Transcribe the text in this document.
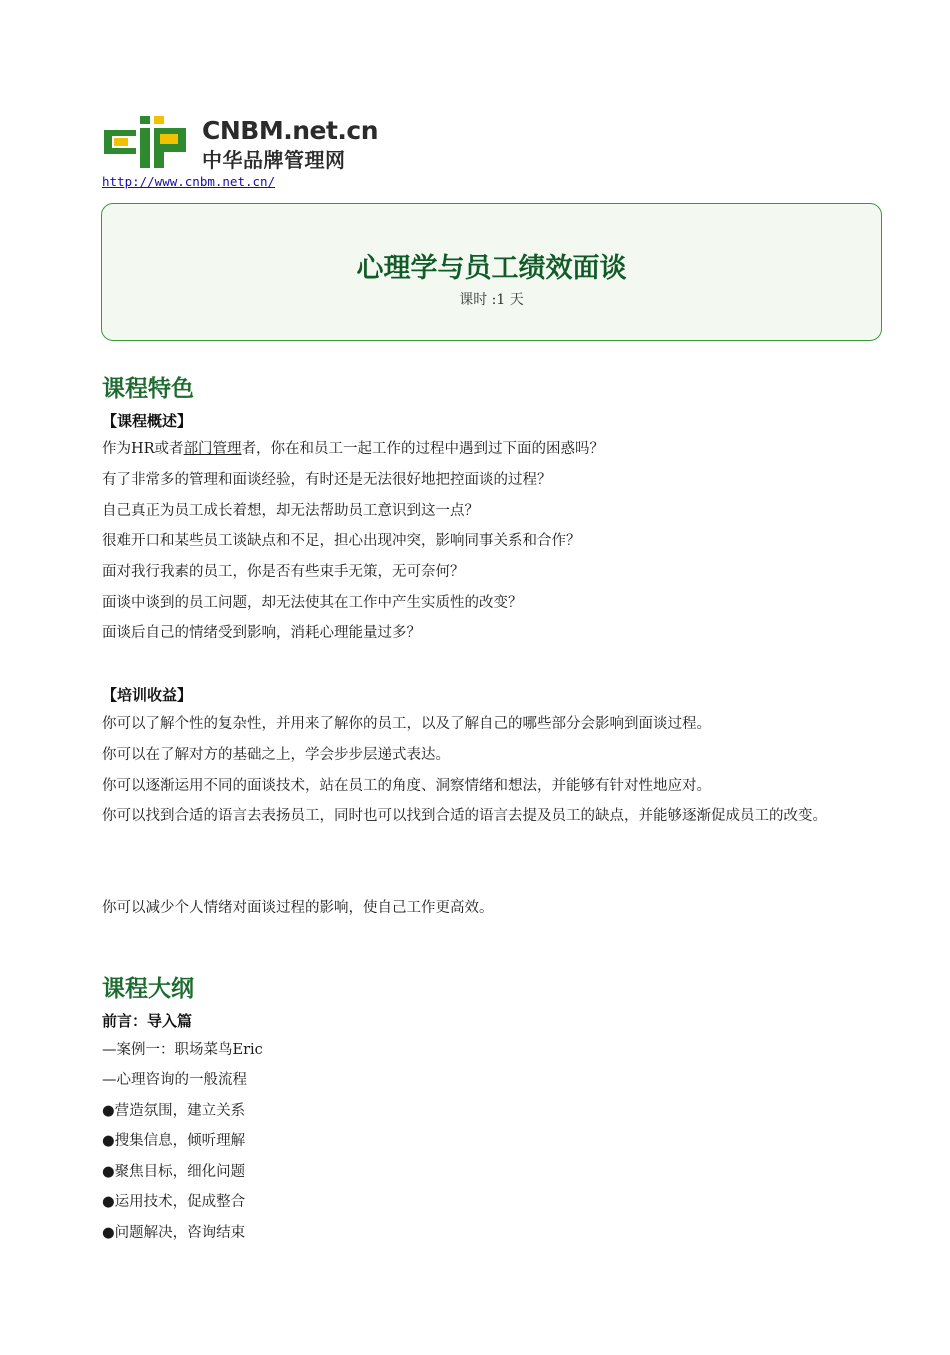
CNBM.net.cn
中华品牌管理网
http://www.cnbm.net.cn/
心理学与员工绩效面谈
课时 :1 天
课程特色
【课程概述】
作为HR或者部门管理者，你在和员工一起工作的过程中遇到过下面的困惑吗？
有了非常多的管理和面谈经验，有时还是无法很好地把控面谈的过程？
自己真正为员工成长着想，却无法帮助员工意识到这一点？
很难开口和某些员工谈缺点和不足，担心出现冲突，影响同事关系和合作？
面对我行我素的员工，你是否有些束手无策，无可奈何？
面谈中谈到的员工问题，却无法使其在工作中产生实质性的改变？
面谈后自己的情绪受到影响，消耗心理能量过多？
【培训收益】
你可以了解个性的复杂性，并用来了解你的员工，以及了解自己的哪些部分会影响到面谈过程。
你可以在了解对方的基础之上，学会步步层递式表达。
你可以逐渐运用不同的面谈技术，站在员工的角度、洞察情绪和想法，并能够有针对性地应对。
你可以找到合适的语言去表扬员工，同时也可以找到合适的语言去提及员工的缺点，并能够逐渐促成员工的改变。
你可以减少个人情绪对面谈过程的影响，使自己工作更高效。
课程大纲
前言：导入篇
—案例一：职场菜鸟Eric
—心理咨询的一般流程
●营造氛围，建立关系
●搜集信息，倾听理解
●聚焦目标，细化问题
●运用技术，促成整合
●问题解决，咨询结束
